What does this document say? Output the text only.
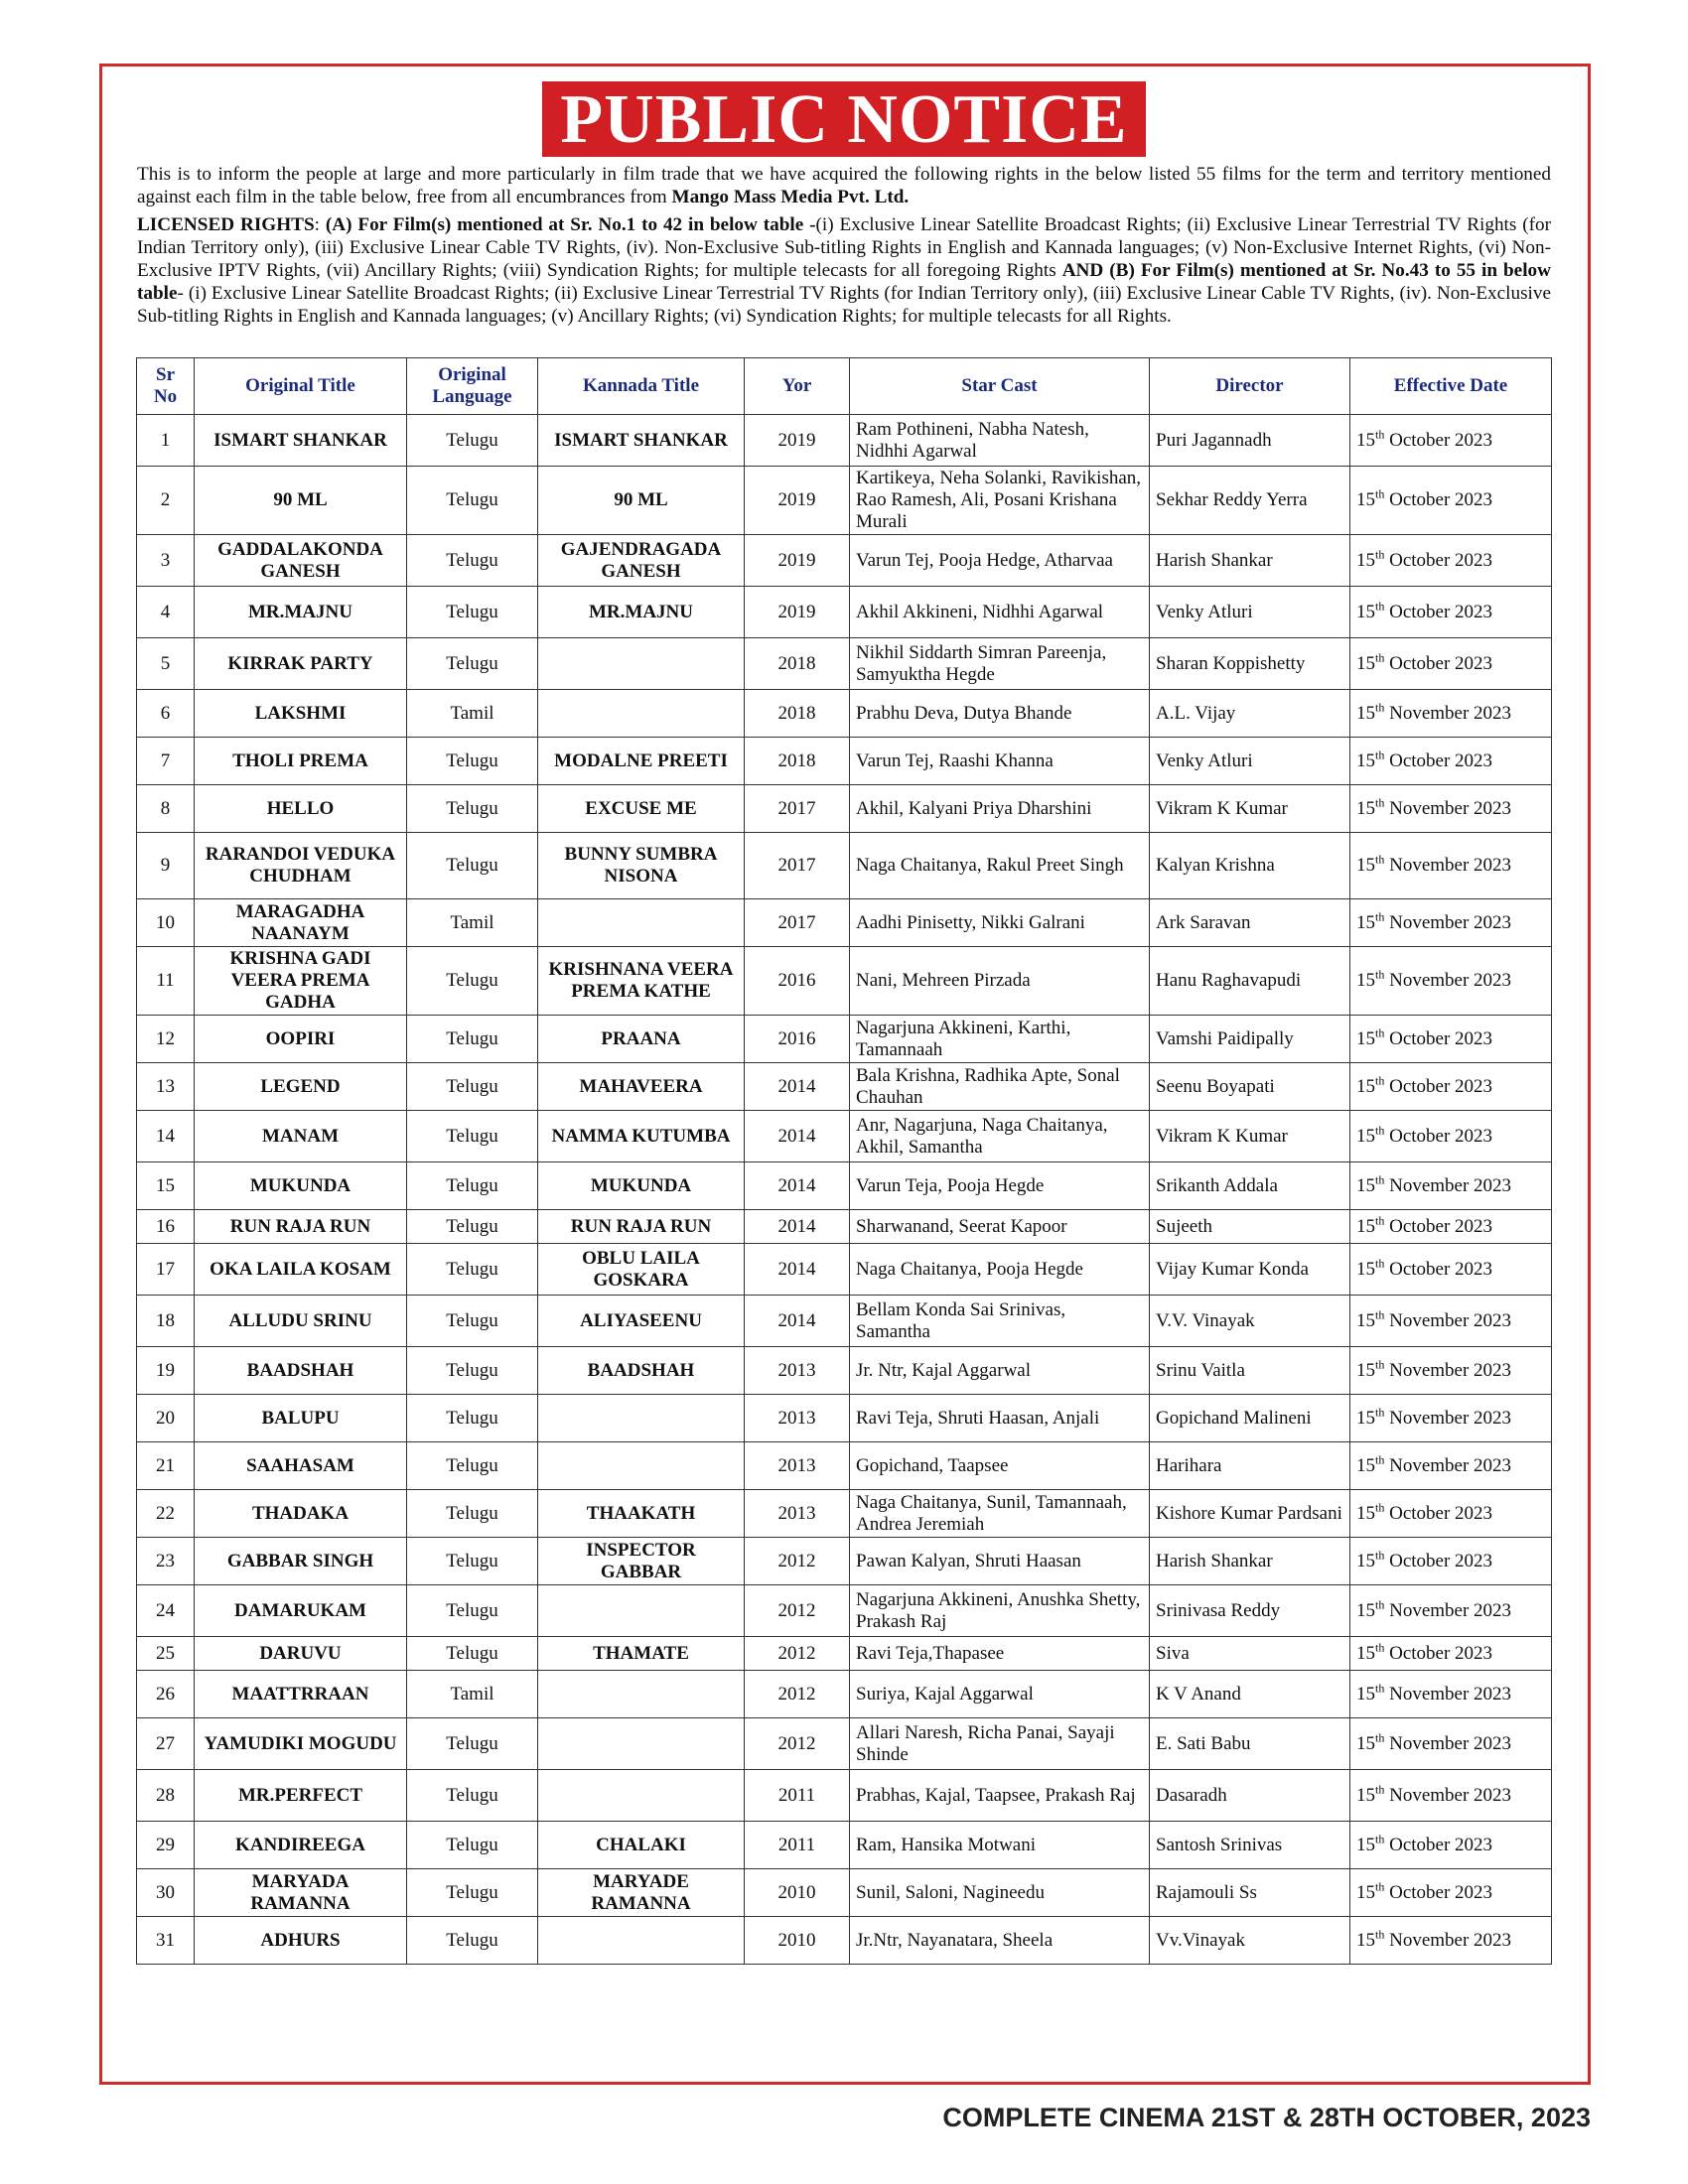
PUBLIC NOTICE

This is to inform the people at large and more particularly in film trade that we have acquired the following rights in the below listed 55 films for the term and territory mentioned against each film in the table below, free from all encumbrances from Mango Mass Media Pvt. Ltd.

LICENSED RIGHTS: (A) For Film(s) mentioned at Sr. No.1 to 42 in below table -(i) Exclusive Linear Satellite Broadcast Rights; (ii) Exclusive Linear Terrestrial TV Rights (for Indian Territory only), (iii) Exclusive Linear Cable TV Rights, (iv). Non-Exclusive Sub-titling Rights in English and Kannada languages; (v) Non-Exclusive Internet Rights, (vi) Non-Exclusive IPTV Rights, (vii) Ancillary Rights; (viii) Syndication Rights; for multiple telecasts for all foregoing Rights AND (B) For Film(s) mentioned at Sr. No.43 to 55 in below table- (i) Exclusive Linear Satellite Broadcast Rights; (ii) Exclusive Linear Terrestrial TV Rights (for Indian Territory only), (iii) Exclusive Linear Cable TV Rights, (iv). Non-Exclusive Sub-titling Rights in English and Kannada languages; (v) Ancillary Rights; (vi) Syndication Rights; for multiple telecasts for all Rights.

Sr No	Original Title	Original Language	Kannada Title	Yor	Star Cast	Director	Effective Date
1	ISMART SHANKAR	Telugu	ISMART SHANKAR	2019	Ram Pothineni, Nabha Natesh, Nidhhi Agarwal	Puri Jagannadh	15th October 2023
2	90 ML	Telugu	90 ML	2019	Kartikeya, Neha Solanki, Ravikishan, Rao Ramesh, Ali, Posani Krishana Murali	Sekhar Reddy Yerra	15th October 2023
3	GADDALAKONDA GANESH	Telugu	GAJENDRAGADA GANESH	2019	Varun Tej, Pooja Hedge, Atharvaa	Harish Shankar	15th October 2023
4	MR.MAJNU	Telugu	MR.MAJNU	2019	Akhil Akkineni, Nidhhi Agarwal	Venky Atluri	15th October 2023
5	KIRRAK PARTY	Telugu		2018	Nikhil Siddarth Simran Pareenja, Samyuktha Hegde	Sharan Koppishetty	15th October 2023
6	LAKSHMI	Tamil		2018	Prabhu Deva, Dutya Bhande	A.L. Vijay	15th November 2023
7	THOLI PREMA	Telugu	MODALNE PREETI	2018	Varun Tej, Raashi Khanna	Venky Atluri	15th October 2023
8	HELLO	Telugu	EXCUSE ME	2017	Akhil, Kalyani Priya Dharshini	Vikram K Kumar	15th November 2023
9	RARANDOI VEDUKA CHUDHAM	Telugu	BUNNY SUMBRA NISONA	2017	Naga Chaitanya, Rakul Preet Singh	Kalyan Krishna	15th November 2023
10	MARAGADHA NAANAYM	Tamil		2017	Aadhi Pinisetty, Nikki Galrani	Ark Saravan	15th November 2023
11	KRISHNA GADI VEERA PREMA GADHA	Telugu	KRISHNANA VEERA PREMA KATHE	2016	Nani, Mehreen Pirzada	Hanu Raghavapudi	15th November 2023
12	OOPIRI	Telugu	PRAANA	2016	Nagarjuna Akkineni, Karthi, Tamannaah	Vamshi Paidipally	15th October 2023
13	LEGEND	Telugu	MAHAVEERA	2014	Bala Krishna, Radhika Apte, Sonal Chauhan	Seenu Boyapati	15th October 2023
14	MANAM	Telugu	NAMMA KUTUMBA	2014	Anr, Nagarjuna, Naga Chaitanya, Akhil, Samantha	Vikram K Kumar	15th October 2023
15	MUKUNDA	Telugu	MUKUNDA	2014	Varun Teja, Pooja Hegde	Srikanth Addala	15th November 2023
16	RUN RAJA RUN	Telugu	RUN RAJA RUN	2014	Sharwanand, Seerat Kapoor	Sujeeth	15th October 2023
17	OKA LAILA KOSAM	Telugu	OBLU LAILA GOSKARA	2014	Naga Chaitanya, Pooja Hegde	Vijay Kumar Konda	15th October 2023
18	ALLUDU SRINU	Telugu	ALIYASEENU	2014	Bellam Konda Sai Srinivas, Samantha	V.V. Vinayak	15th November 2023
19	BAADSHAH	Telugu	BAADSHAH	2013	Jr. Ntr, Kajal Aggarwal	Srinu Vaitla	15th November 2023
20	BALUPU	Telugu		2013	Ravi Teja, Shruti Haasan, Anjali	Gopichand Malineni	15th November 2023
21	SAAHASAM	Telugu		2013	Gopichand, Taapsee	Harihara	15th November 2023
22	THADAKA	Telugu	THAAKATH	2013	Naga Chaitanya, Sunil, Tamannaah, Andrea Jeremiah	Kishore Kumar Pardsani	15th October 2023
23	GABBAR SINGH	Telugu	INSPECTOR GABBAR	2012	Pawan Kalyan, Shruti Haasan	Harish Shankar	15th October 2023
24	DAMARUKAM	Telugu		2012	Nagarjuna Akkineni, Anushka Shetty, Prakash Raj	Srinivasa Reddy	15th November 2023
25	DARUVU	Telugu	THAMATE	2012	Ravi Teja,Thapasee	Siva	15th October 2023
26	MAATTRRAAN	Tamil		2012	Suriya, Kajal Aggarwal	K V Anand	15th November 2023
27	YAMUDIKI MOGUDU	Telugu		2012	Allari Naresh, Richa Panai, Sayaji Shinde	E. Sati Babu	15th November 2023
28	MR.PERFECT	Telugu		2011	Prabhas, Kajal, Taapsee, Prakash Raj	Dasaradh	15th November 2023
29	KANDIREEGA	Telugu	CHALAKI	2011	Ram, Hansika Motwani	Santosh Srinivas	15th October 2023
30	MARYADA RAMANNA	Telugu	MARYADE RAMANNA	2010	Sunil, Saloni, Nagineedu	Rajamouli Ss	15th October 2023
31	ADHURS	Telugu		2010	Jr.Ntr, Nayanatara, Sheela	Vv.Vinayak	15th November 2023
COMPLETE CINEMA 21ST & 28TH OCTOBER, 2023
